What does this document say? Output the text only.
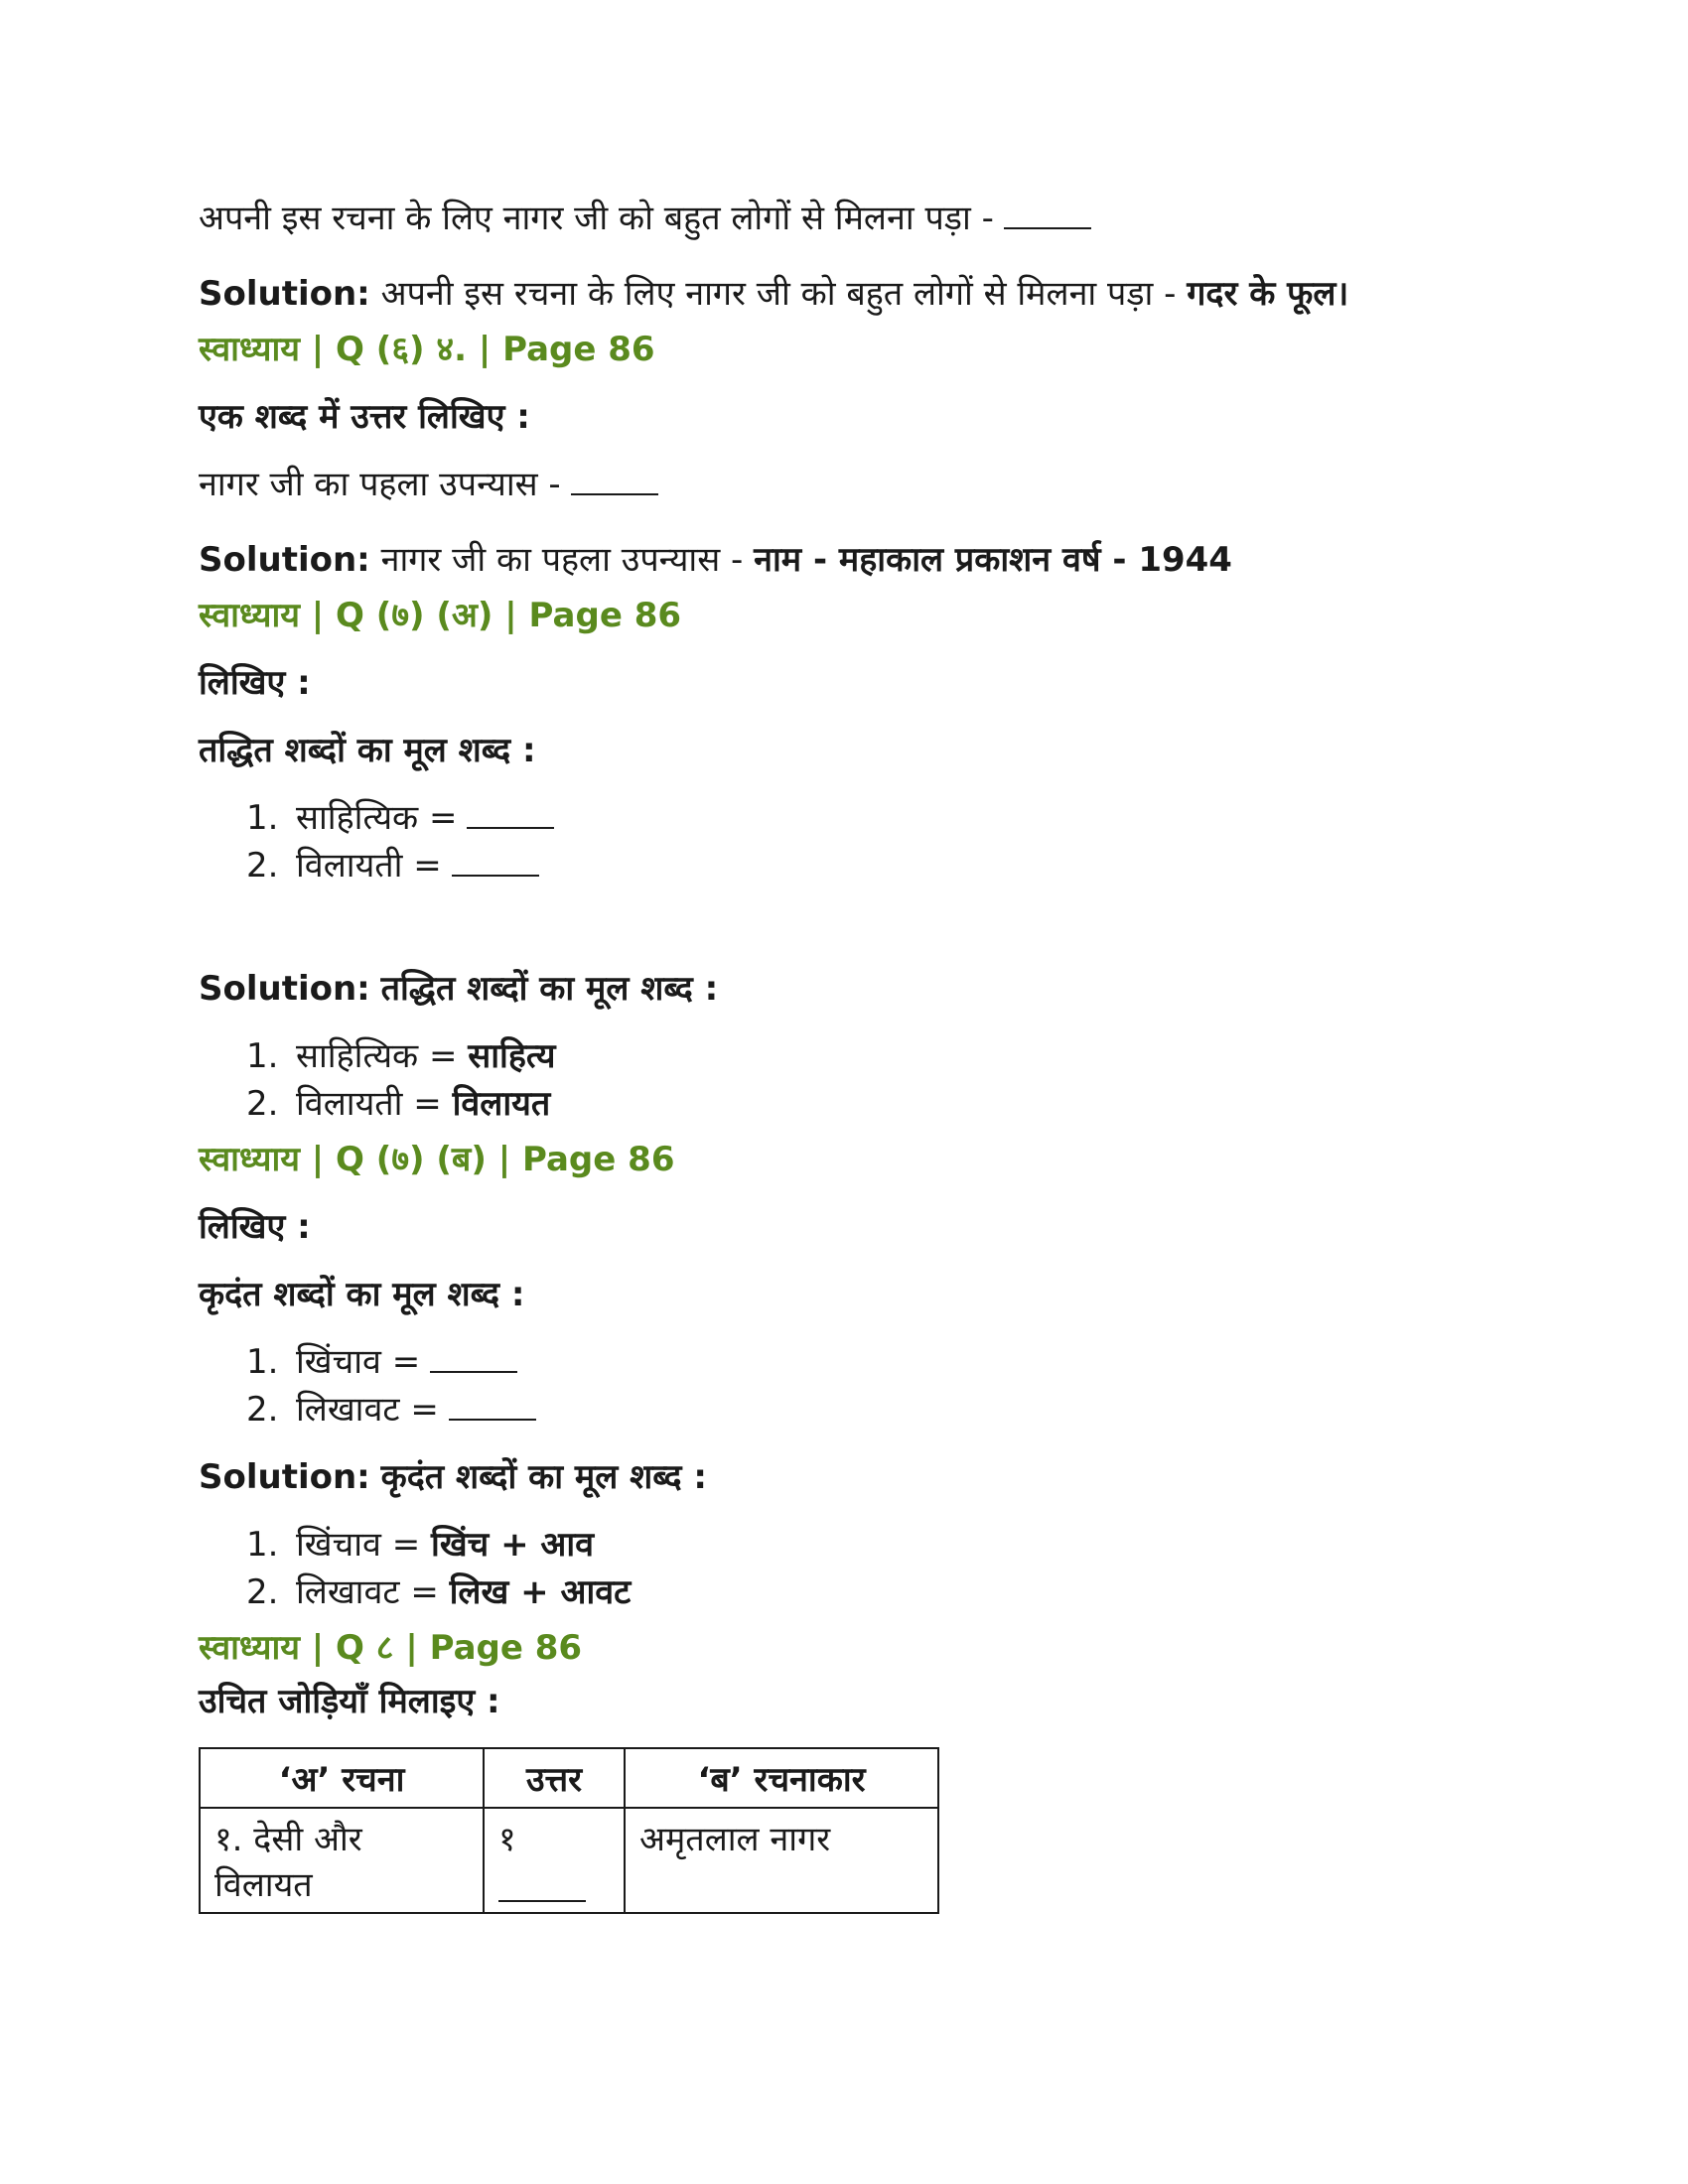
अपनी इस रचना के लिए नागर जी को बहुत लोगों से मिलना पड़ा -
Solution: अपनी इस रचना के लिए नागर जी को बहुत लोगों से मिलना पड़ा - गदर के फूल।
स्वाध्याय | Q (६) ४. | Page 86
एक शब्द में उत्तर लिखिए :
नागर जी का पहला उपन्यास -
Solution: नागर जी का पहला उपन्यास - नाम - महाकाल प्रकाशन वर्ष - 1944
स्वाध्याय | Q (७) (अ) | Page 86
लिखिए :
तद्धित शब्दों का मूल शब्द :
1. साहित्यिक =
2. विलायती =
Solution: तद्धित शब्दों का मूल शब्द :
1. साहित्यिक = साहित्य
2. विलायती = विलायत
स्वाध्याय | Q (७) (ब) | Page 86
लिखिए :
कृदंत शब्दों का मूल शब्द :
1. खिंचाव =
2. लिखावट =
Solution: कृदंत शब्दों का मूल शब्द :
1. खिंचाव = खिंच + आव
2. लिखावट = लिख + आवट
स्वाध्याय | Q ८ | Page 86
उचित जोड़ियाँ मिलाइए :
‘अ’ रचना	उत्तर	‘ब’ रचनाकार
१. देसी और विलायत	१	अमृतलाल नागर
